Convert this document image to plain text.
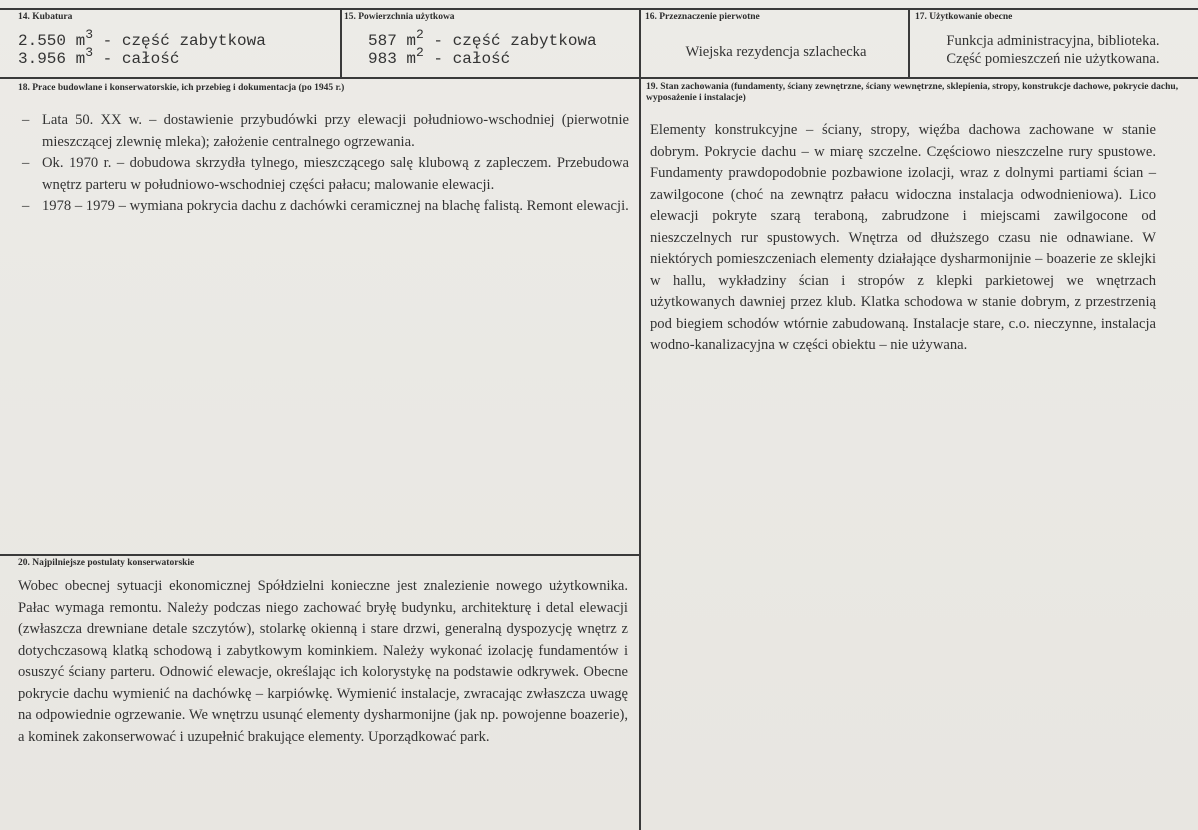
14. Kubatura
2.550 $m^3$ - część zabytkowa
3.956 $m^3$ - całość
15. Powierzchnia użytkowa
587 $m^2$ - część zabytkowa
983 $m^2$ - całość
16. Przeznaczenie pierwotne
Wiejska rezydencja szlachecka
17. Użytkowanie obecne
Funkcja administracyjna, biblioteka.
Część pomieszczeń nie użytkowana.
18. Prace budowlane i konserwatorskie, ich przebieg i dokumentacja (po 1945 r.)
– Lata 50. XX w. – dostawienie przybudówki przy elewacji południowo-wschodniej (pierwotnie mieszczącej zlewnię mleka); założenie centralnego ogrzewania.
– Ok. 1970 r. – dobudowa skrzydła tylnego, mieszczącego salę klubową z zapleczem. Przebudowa wnętrz parteru w południowo-wschodniej części pałacu; malowanie elewacji.
– 1978 – 1979 – wymiana pokrycia dachu z dachówki ceramicznej na blachę falistą. Remont elewacji.
19. Stan zachowania (fundamenty, ściany zewnętrzne, ściany wewnętrzne, sklepienia, stropy, konstrukcje dachowe, pokrycie dachu, wyposażenie i instalacje)
Elementy konstrukcyjne – ściany, stropy, więźba dachowa zachowane w stanie dobrym. Pokrycie dachu – w miarę szczelne. Częściowo nieszczelne rury spustowe. Fundamenty prawdopodobnie pozbawione izolacji, wraz z dolnymi partiami ścian – zawilgocone (choć na zewnątrz pałacu widoczna instalacja odwodnieniowa). Lico elewacji pokryte szarą teraboną, zabrudzone i miejscami zawilgocone od nieszczelnych rur spustowych. Wnętrza od dłuższego czasu nie odnawiane. W niektórych pomieszczeniach elementy działające dysharmonijnie – boazerie ze sklejki w hallu, wykładziny ścian i stropów z klepki parkietowej we wnętrzach użytkowanych dawniej przez klub. Klatka schodowa w stanie dobrym, z przestrzenią pod biegiem schodów wtórnie zabudowaną. Instalacje stare, c.o. nieczynne, instalacja wodno-kanalizacyjna w części obiektu – nie używana.
20. Najpilniejsze postulaty konserwatorskie
Wobec obecnej sytuacji ekonomicznej Spółdzielni konieczne jest znalezienie nowego użytkownika. Pałac wymaga remontu. Należy podczas niego zachować bryłę budynku, architekturę i detal elewacji (zwłaszcza drewniane detale szczytów), stolarkę okienną i stare drzwi, generalną dyspozycję wnętrz z dotychczasową klatką schodową i zabytkowym kominkiem. Należy wykonać izolację fundamentów i osuszyć ściany parteru. Odnowić elewacje, określając ich kolorystykę na podstawie odkrywek. Obecne pokrycie dachu wymienić na dachówkę – karpiówkę. Wymienić instalacje, zwracając zwłaszcza uwagę na odpowiednie ogrzewanie. We wnętrzu usunąć elementy dysharmonijne (jak np. powojenne boazerie), a kominek zakonserwować i uzupełnić brakujące elementy. Uporządkować park.
